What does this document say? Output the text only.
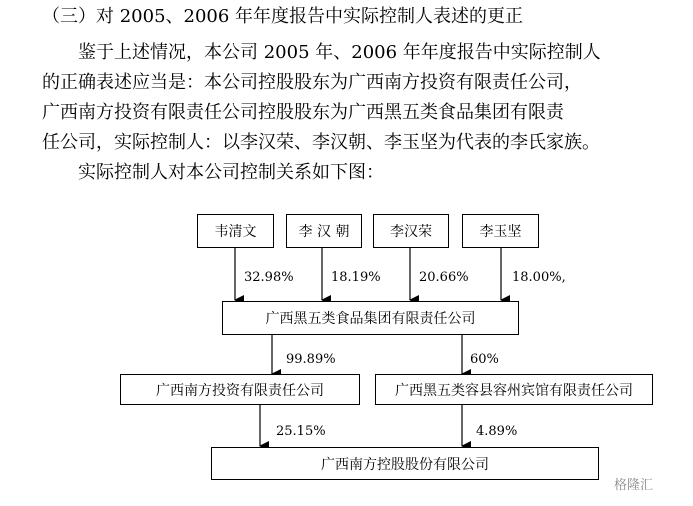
（三）对 2005、2006 年年度报告中实际控制人表述的更正

鉴于上述情况，本公司 2005 年、2006 年年度报告中实际控制人

的正确表述应当是：本公司控股股东为广西南方投资有限责任公司，

广西南方投资有限责任公司控股股东为广西黑五类食品集团有限责

任公司，实际控制人：以李汉荣、李汉朝、李玉坚为代表的李氏家族。

实际控制人对本公司控制关系如下图：
韦清文	李 汉 朝	李汉荣	李玉坚
32.98%	18.19%	20.66%	18.00%,
广西黑五类食品集团有限责任公司
99.89%	60%
广西南方投资有限责任公司	广西黑五类容县容州宾馆有限责任公司
25.15%	4.89%
广西南方控股股份有限公司
格隆汇
